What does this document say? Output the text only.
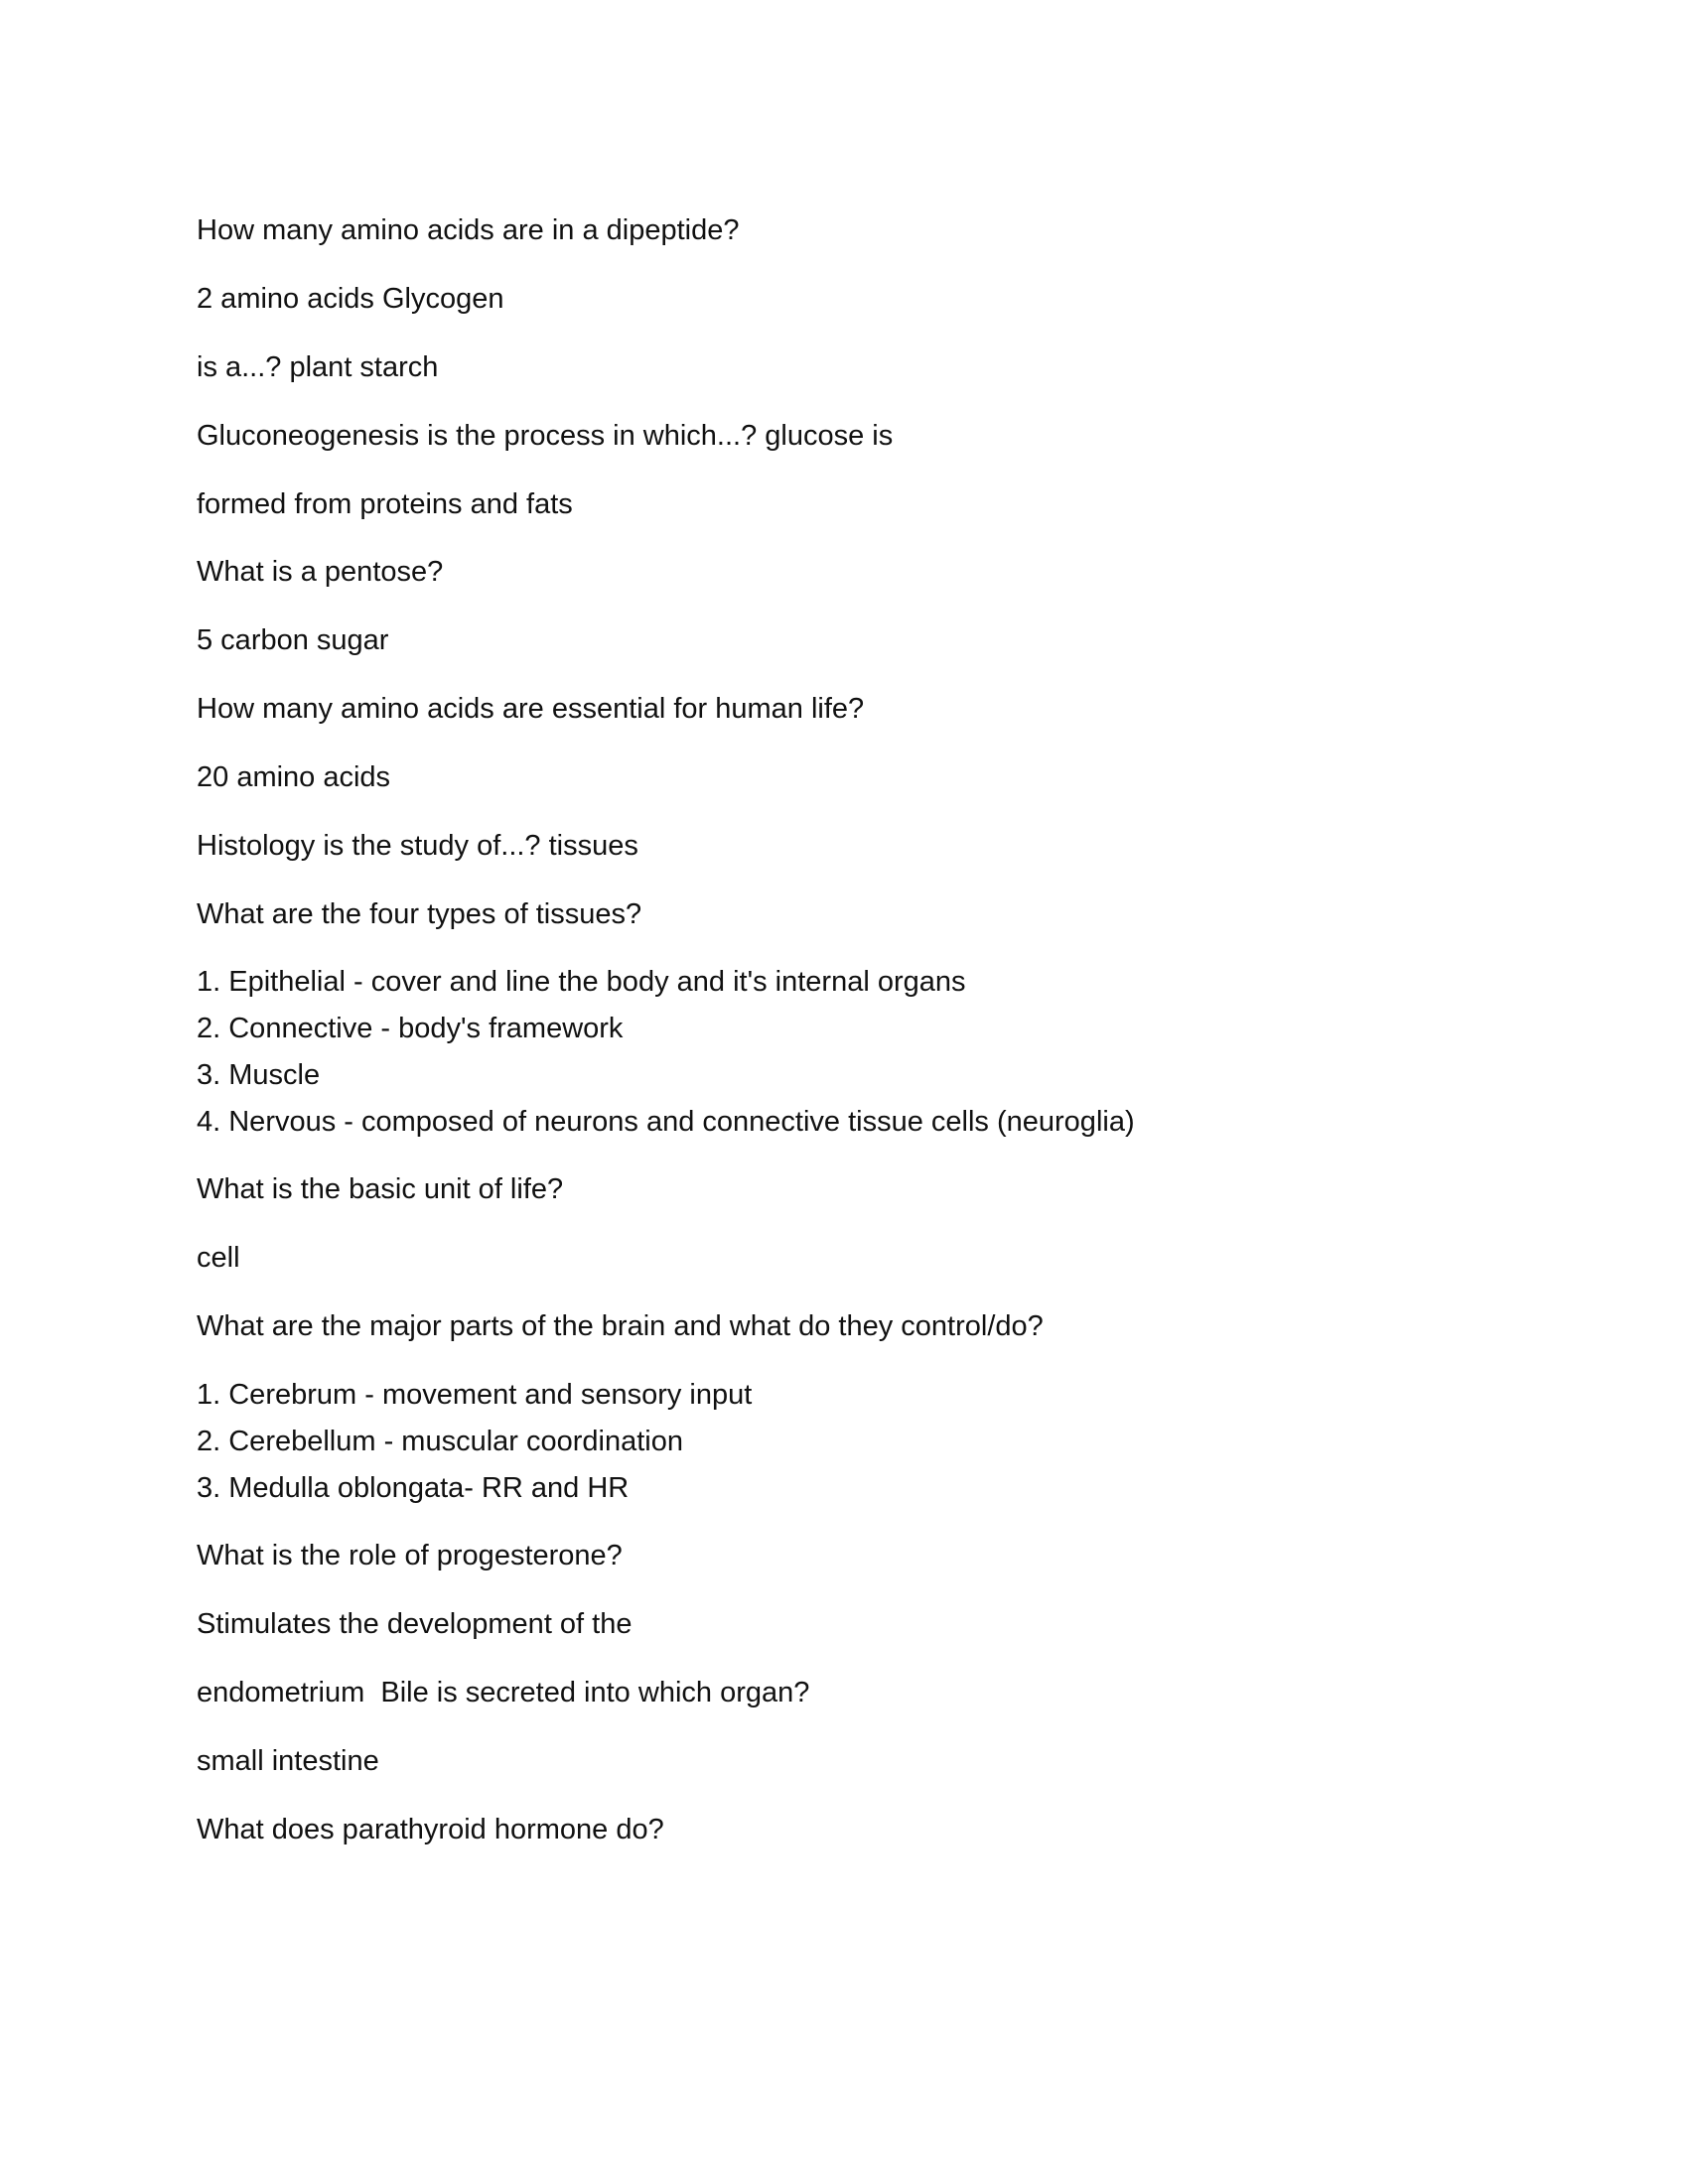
How many amino acids are in a dipeptide?

2 amino acids Glycogen

is a...? plant starch

Gluconeogenesis is the process in which...? glucose is

formed from proteins and fats

What is a pentose?

5 carbon sugar

How many amino acids are essential for human life?

20 amino acids

Histology is the study of...? tissues

What are the four types of tissues?

1. Epithelial - cover and line the body and it's internal organs

2. Connective - body's framework

3. Muscle

4. Nervous - composed of neurons and connective tissue cells (neuroglia)

What is the basic unit of life?

cell

What are the major parts of the brain and what do they control/do?

1. Cerebrum - movement and sensory input

2. Cerebellum - muscular coordination

3. Medulla oblongata- RR and HR

What is the role of progesterone?

Stimulates the development of the

endometrium  Bile is secreted into which organ?

small intestine

What does parathyroid hormone do?
